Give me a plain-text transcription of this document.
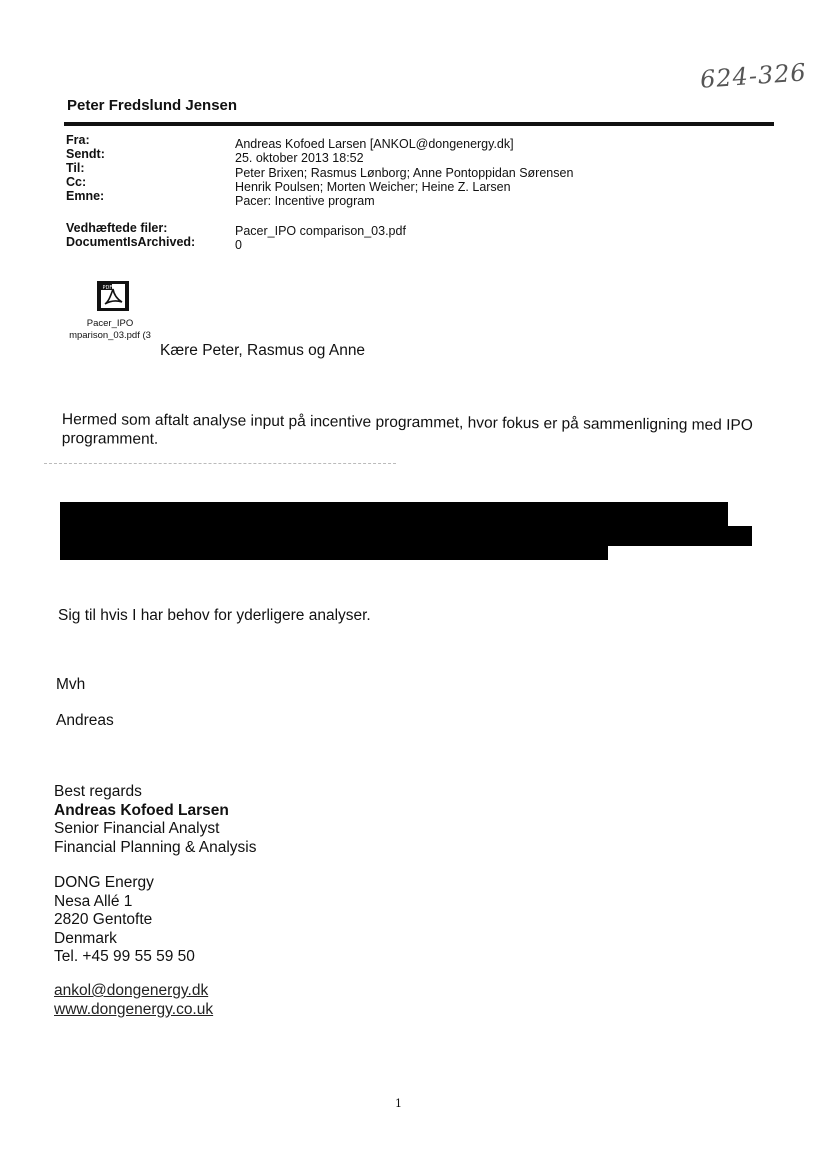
624-326
Peter Fredslund Jensen
Fra:	Andreas Kofoed Larsen [ANKOL@dongenergy.dk]
Sendt:	25. oktober 2013 18:52
Til:	Peter Brixen; Rasmus Lønborg; Anne Pontoppidan Sørensen
Cc:	Henrik Poulsen; Morten Weicher; Heine Z. Larsen
Emne:	Pacer: Incentive program
Vedhæftede filer:	Pacer_IPO comparison_03.pdf
DocumentIsArchived:	0
PDF
Pacer_IPO
mparison_03.pdf (3
Kære Peter, Rasmus og Anne
Hermed som aftalt analyse input på incentive programmet, hvor fokus er på sammenligning med IPO programment.
Sig til hvis I har behov for yderligere analyser.
Mvh
Andreas
Best regards
Andreas Kofoed Larsen
Senior Financial Analyst
Financial Planning & Analysis
DONG Energy
Nesa Allé 1
2820 Gentofte
Denmark
Tel. +45 99 55 59 50
ankol@dongenergy.dk
www.dongenergy.co.uk
1
